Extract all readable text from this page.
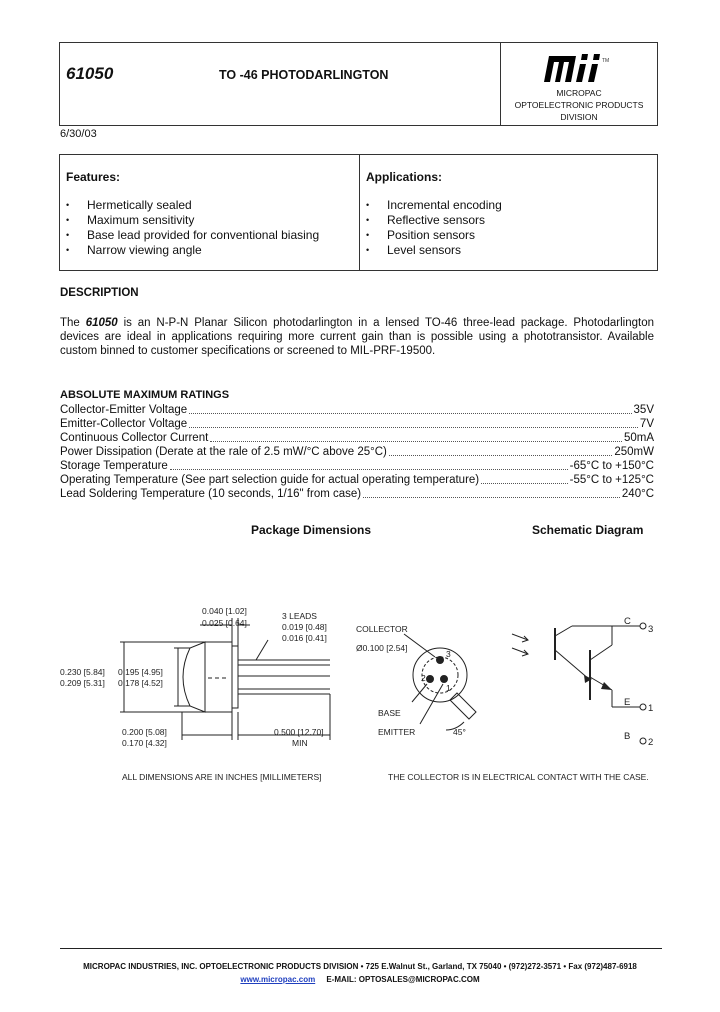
61050	TO -46 PHOTODARLINGTON
TM
MICROPAC
OPTOELECTRONIC PRODUCTS
DIVISION
6/30/03
Features:
• Hermetically sealed
• Maximum sensitivity
• Base lead provided for conventional biasing
• Narrow viewing angle
Applications:
• Incremental encoding
• Reflective sensors
• Position sensors
• Level sensors
DESCRIPTION
The 61050 is an N-P-N Planar Silicon photodarlington in a lensed TO-46 three-lead package. Photodarlington devices are ideal in applications requiring more current gain than is possible using a phototransistor. Available custom binned to customer specifications or screened to MIL-PRF-19500.
ABSOLUTE MAXIMUM RATINGS
Collector-Emitter Voltage	35V
Emitter-Collector Voltage	7V
Continuous Collector Current	50mA
Power Dissipation (Derate at the rale of 2.5 mW/°C above 25°C)	250mW
Storage Temperature	-65°C to +150°C
Operating Temperature (See part selection guide for actual operating temperature)	-55°C to +125°C
Lead Soldering Temperature (10 seconds, 1/16" from case)	240°C
Package Dimensions	Schematic Diagram
0.040 [1.02]
0.025 [0.64]
3 LEADS
0.019 [0.48]
0.016 [0.41]
0.230 [5.84]
0.209 [5.31]
0.195 [4.95]
0.178 [4.52]
0.200 [5.08]
0.170 [4.32]
0.500 [12.70]
MIN
COLLECTOR
Ø0.100 [2.54]
3
2
1
BASE
EMITTER	45°
ALL DIMENSIONS ARE IN INCHES [MILLIMETERS]	THE COLLECTOR IS IN ELECTRICAL CONTACT WITH THE CASE.
C
3
E
1
B
2
MICROPAC INDUSTRIES, INC. OPTOELECTRONIC PRODUCTS DIVISION • 725 E.Walnut St., Garland, TX 75040 • (972)272-3571 • Fax (972)487-6918
www.micropac.com E-MAIL: OPTOSALES@MICROPAC.COM
